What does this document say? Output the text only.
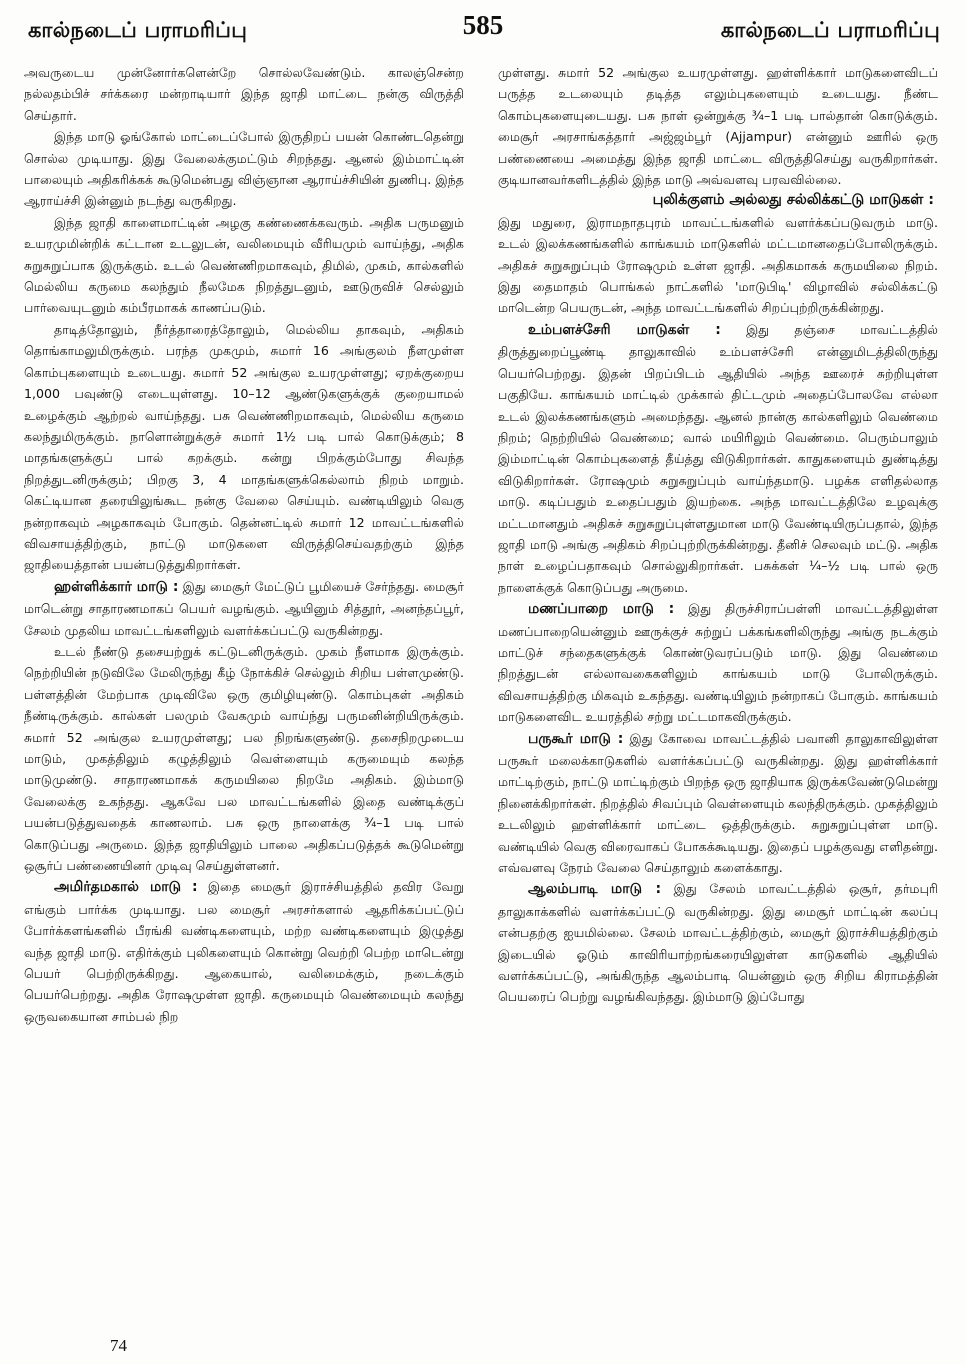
கால்நடைப் பராமரிப்பு	585	கால்நடைப் பராமரிப்பு

அவருடைய முன்னோர்களென்றே சொல்லவேண்டும். காலஞ்சென்ற நல்லதம்பிச் சர்க்கரை மன்றாடியார் இந்த ஜாதி மாட்டை நன்கு விருத்தி செய்தார்.

இந்த மாடு ஓங்கோல் மாட்டைப்போல் இருதிறப் பயன் கொண்டதென்று சொல்ல முடியாது. இது வேலைக்குமட்டும் சிறந்தது. ஆனல் இம்மாட்டின் பாலையும் அதிகரிக்கக் கூடுமென்பது விஞ்ஞான ஆராய்ச்சியின் துணிபு. இந்த ஆராய்ச்சி இன்னும் நடந்து வருகிறது.

இந்த ஜாதி காளைமாட்டின் அழகு கண்ணைக்கவரும். அதிக பருமனும் உயரமுமின்றிக் கட்டான உடலுடன், வலிமையும் வீரியமும் வாய்ந்து, அதிக சுறுசுறுப்பாக இருக்கும். உடல் வெண்ணிறமாகவும், திமில், முகம், கால்களில் மெல்லிய கருமை கலந்தும் நீலமேக நிறத்துடனும், ஊடுருவிச் செல்லும் பார்வையுடனும் கம்பீரமாகக் காணப்படும்.

தாடித்தோலும், நீர்த்தாரைத்தோலும், மெல்லிய தாகவும், அதிகம் தொங்காமலுமிருக்கும். பரந்த முகமும், சுமார் 16 அங்குலம் நீளமுள்ள கொம்புகளையும் உடையது. சுமார் 52 அங்குல உயரமுள்ளது; ஏறக்குறைய 1,000 பவுண்டு எடையுள்ளது. 10–12 ஆண்டுகளுக்குக் குறையாமல் உழைக்கும் ஆற்றல் வாய்ந்தது. பசு வெண்ணிறமாகவும், மெல்லிய கருமை கலந்துமிருக்கும். நாளொன்றுக்குச் சுமார் 1½ படி பால் கொடுக்கும்; 8 மாதங்களுக்குப் பால் கறக்கும். கன்று பிறக்கும்போது சிவந்த நிறத்துடனிருக்கும்; பிறகு 3, 4 மாதங்களுக்கெல்லாம் நிறம் மாறும். கெட்டியான தரையிலுங்கூட நன்கு வேலை செய்யும். வண்டியிலும் வெகு நன்றாகவும் அழகாகவும் போகும். தென்னட்டில் சுமார் 12 மாவட்டங்களில் விவசாயத்திற்கும், நாட்டு மாடுகளை விருத்திசெய்வதற்கும் இந்த ஜாதியைத்தான் பயன்படுத்துகிறார்கள்.

ஹள்ளிக்கார் மாடு : இது மைசூர் மேட்டுப் பூமியைச் சேர்ந்தது. மைசூர் மாடென்று சாதாரணமாகப் பெயர் வழங்கும். ஆயினும் சித்தூர், அனந்தப்பூர், சேலம் முதலிய மாவட்டங்களிலும் வளர்க்கப்பட்டு வருகின்றது.

உடல் நீண்டு தசையற்றுக் கட்டுடனிருக்கும். முகம் நீளமாக இருக்கும். நெற்றியின் நடுவிலே மேலிருந்து கீழ் நோக்கிச் செல்லும் சிறிய பள்ளமுண்டு. பள்ளத்தின் மேற்பாக முடிவிலே ஒரு குமிழியுண்டு. கொம்புகள் அதிகம் நீண்டிருக்கும். கால்கள் பலமும் வேகமும் வாய்ந்து பருமனின்றியிருக்கும். சுமார் 52 அங்குல உயரமுள்ளது; பல நிறங்களுண்டு. தசைநிறமுடைய மாடும், முகத்திலும் கழுத்திலும் வெள்ளையும் கருமையும் கலந்த மாடுமுண்டு. சாதாரணமாகக் கருமயிலை நிறமே அதிகம். இம்மாடு வேலைக்கு உகந்தது. ஆகவே பல மாவட்டங்களில் இதை வண்டிக்குப் பயன்படுத்துவதைக் காணலாம். பசு ஒரு நாளைக்கு ¾–1 படி பால் கொடுப்பது அருமை. இந்த ஜாதியிலும் பாலை அதிகப்படுத்தக் கூடுமென்று ஒசூர்ப் பண்ணையினர் முடிவு செய்துள்ளனர்.

அமிர்தமகால் மாடு : இதை மைசூர் இராச்சியத்தில் தவிர வேறு எங்கும் பார்க்க முடியாது. பல மைசூர் அரசர்களால் ஆதரிக்கப்பட்டுப் போர்க்களங்களில் பீரங்கி வண்டிகளையும், மற்ற வண்டிகளையும் இழுத்து வந்த ஜாதி மாடு. எதிர்க்கும் புலிகளையும் கொன்று வெற்றி பெற்ற மாடென்று பெயர் பெற்றிருக்கிறது. ஆகையால், வலிமைக்கும், நடைக்கும் பெயர்பெற்றது. அதிக ரோஷமுள்ள ஜாதி. கருமையும் வெண்மையும் கலந்து ஒருவகையான சாம்பல் நிற

முள்ளது. சுமார் 52 அங்குல உயரமுள்ளது. ஹள்ளிக்கார் மாடுகளைவிடப் பருத்த உடலையும் தடித்த எலும்புகளையும் உடையது. நீண்ட கொம்புகளையுடையது. பசு நாள் ஒன்றுக்கு ¾–1 படி பால்தான் கொடுக்கும். மைசூர் அரசாங்கத்தார் அஜ்ஜம்பூர் (Ajjampur) என்னும் ஊரில் ஒரு பண்ணையை அமைத்து இந்த ஜாதி மாட்டை விருத்திசெய்து வருகிறார்கள். குடியானவர்களிடத்தில் இந்த மாடு அவ்வளவு பரவவில்லை.

புலிக்குளம் அல்லது சல்லிக்கட்டு மாடுகள் :

இது மதுரை, இராமநாதபுரம் மாவட்டங்களில் வளர்க்கப்படுவரும் மாடு. உடல் இலக்கணங்களில் காங்கயம் மாடுகளில் மட்டமானதைப்போலிருக்கும். அதிகச் சுறுசுறுப்பும் ரோஷமும் உள்ள ஜாதி. அதிகமாகக் கருமயிலை நிறம். இது தைமாதம் பொங்கல் நாட்களில் 'மாடுபிடி' விழாவில் சல்லிக்கட்டு மாடென்ற பெயருடன், அந்த மாவட்டங்களில் சிறப்புற்றிருக்கின்றது.

உம்பளச்சேரி மாடுகள் : இது தஞ்சை மாவட்டத்தில் திருத்துறைப்பூண்டி தாலுகாவில் உம்பளச்சேரி என்னுமிடத்திலிருந்து பெயர்பெற்றது. இதன் பிறப்பிடம் ஆதியில் அந்த ஊரைச் சுற்றியுள்ள பகுதியே. காங்கயம் மாட்டில் முக்கால் திட்டமும் அதைப்போலவே எல்லா உடல் இலக்கணங்களும் அமைந்தது. ஆனல் நான்கு கால்களிலும் வெண்மை நிறம்; நெற்றியில் வெண்மை; வால் மயிரிலும் வெண்மை. பெரும்பாலும் இம்மாட்டின் கொம்புகளைத் தீய்த்து விடுகிறார்கள். காதுகளையும் துண்டித்து விடுகிறார்கள். ரோஷமும் சுறுசுறுப்பும் வாய்ந்தமாடு. பழக்க எளிதல்லாத மாடு. கடிப்பதும் உதைப்பதும் இயற்கை. அந்த மாவட்டத்திலே உழவுக்கு மட்டமானதும் அதிகச் சுறுசுறுப்புள்ளதுமான மாடு வேண்டியிருப்பதால், இந்த ஜாதி மாடு அங்கு அதிகம் சிறப்புற்றிருக்கின்றது. தீனிச் செலவும் மட்டு. அதிக நாள் உழைப்பதாகவும் சொல்லுகிறார்கள். பசுக்கள் ¼–½ படி பால் ஒரு நாளைக்குக் கொடுப்பது அருமை.

மணப்பாறை மாடு : இது திருச்சிராப்பள்ளி மாவட்டத்திலுள்ள மணப்பாறையென்னும் ஊருக்குச் சுற்றுப் பக்கங்களிலிருந்து அங்கு நடக்கும் மாட்டுச் சந்தைகளுக்குக் கொண்டுவரப்படும் மாடு. இது வெண்மை நிறத்துடன் எல்லாவகைகளிலும் காங்கயம் மாடு போலிருக்கும். விவசாயத்திற்கு மிகவும் உகந்தது. வண்டியிலும் நன்றாகப் போகும். காங்கயம் மாடுகளைவிட உயரத்தில் சற்று மட்டமாகவிருக்கும்.

பருகூர் மாடு : இது கோவை மாவட்டத்தில் பவானி தாலுகாவிலுள்ள பருகூர் மலைக்காடுகளில் வளர்க்கப்பட்டு வருகின்றது. இது ஹள்ளிக்கார் மாட்டிற்கும், நாட்டு மாட்டிற்கும் பிறந்த ஒரு ஜாதியாக இருக்கவேண்டுமென்று நினைக்கிறார்கள். நிறத்தில் சிவப்பும் வெள்ளையும் கலந்திருக்கும். முகத்திலும் உடலிலும் ஹள்ளிக்கார் மாட்டை ஒத்திருக்கும். சுறுசுறுப்புள்ள மாடு. வண்டியில் வெகு விரைவாகப் போகக்கூடியது. இதைப் பழக்குவது எளிதன்று. எவ்வளவு நேரம் வேலை செய்தாலும் களைக்காது.

ஆலம்பாடி மாடு : இது சேலம் மாவட்டத்தில் ஒசூர், தர்மபுரி தாலுகாக்களில் வளர்க்கப்பட்டு வருகின்றது. இது மைசூர் மாட்டின் கலப்பு என்பதற்கு ஐயமில்லை. சேலம் மாவட்டத்திற்கும், மைசூர் இராச்சியத்திற்கும் இடையில் ஓடும் காவிரியாற்றங்கரையிலுள்ள காடுகளில் ஆதியில் வளர்க்கப்பட்டு, அங்கிருந்த ஆலம்பாடி யென்னும் ஒரு சிறிய கிராமத்தின் பெயரைப் பெற்று வழங்கிவந்தது. இம்மாடு இப்போது

74
